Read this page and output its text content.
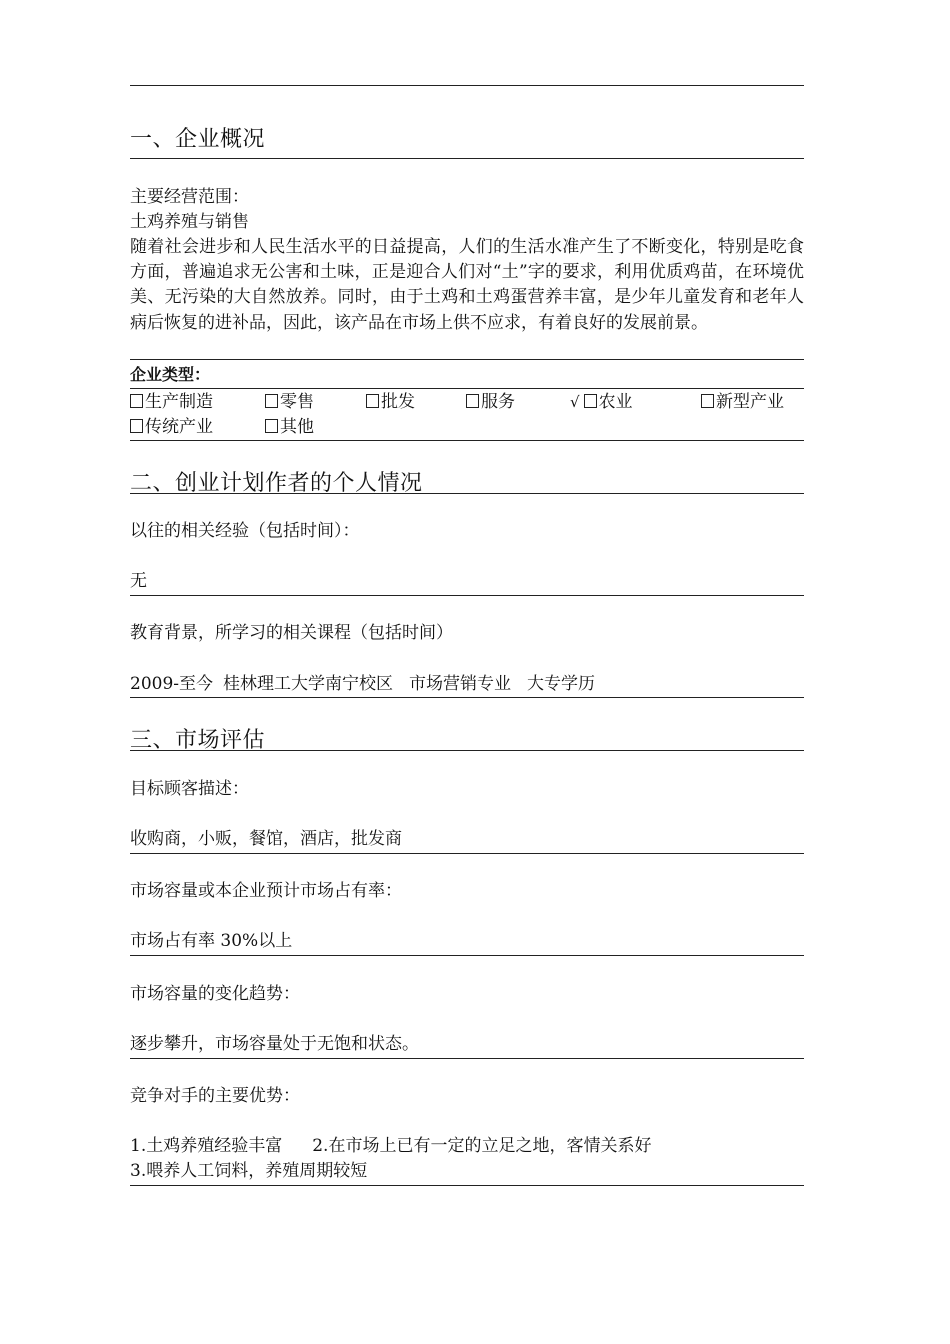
一、企业概况
主要经营范围：
土鸡养殖与销售
随着社会进步和人民生活水平的日益提高，人们的生活水准产生了不断变化，特别是吃食方面，普遍追求无公害和土味，正是迎合人们对“土”字的要求，利用优质鸡苗，在环境优美、无污染的大自然放养。同时，由于土鸡和土鸡蛋营养丰富，是少年儿童发育和老年人病后恢复的进补品，因此，该产品在市场上供不应求，有着良好的发展前景。
企业类型：
生产制造	零售	批发	服务	√ 农业	新型产业
传统产业	其他
二、创业计划作者的个人情况
以往的相关经验（包括时间）：
无
教育背景，所学习的相关课程（包括时间）
2009-至今 桂林理工大学南宁校区 市场营销专业 大专学历
三、市场评估
目标顾客描述：
收购商，小贩，餐馆，酒店，批发商
市场容量或本企业预计市场占有率：
市场占有率 30%以上
市场容量的变化趋势：
逐步攀升，市场容量处于无饱和状态。
竞争对手的主要优势：
1.土鸡养殖经验丰富 2.在市场上已有一定的立足之地，客情关系好
3.喂养人工饲料，养殖周期较短
